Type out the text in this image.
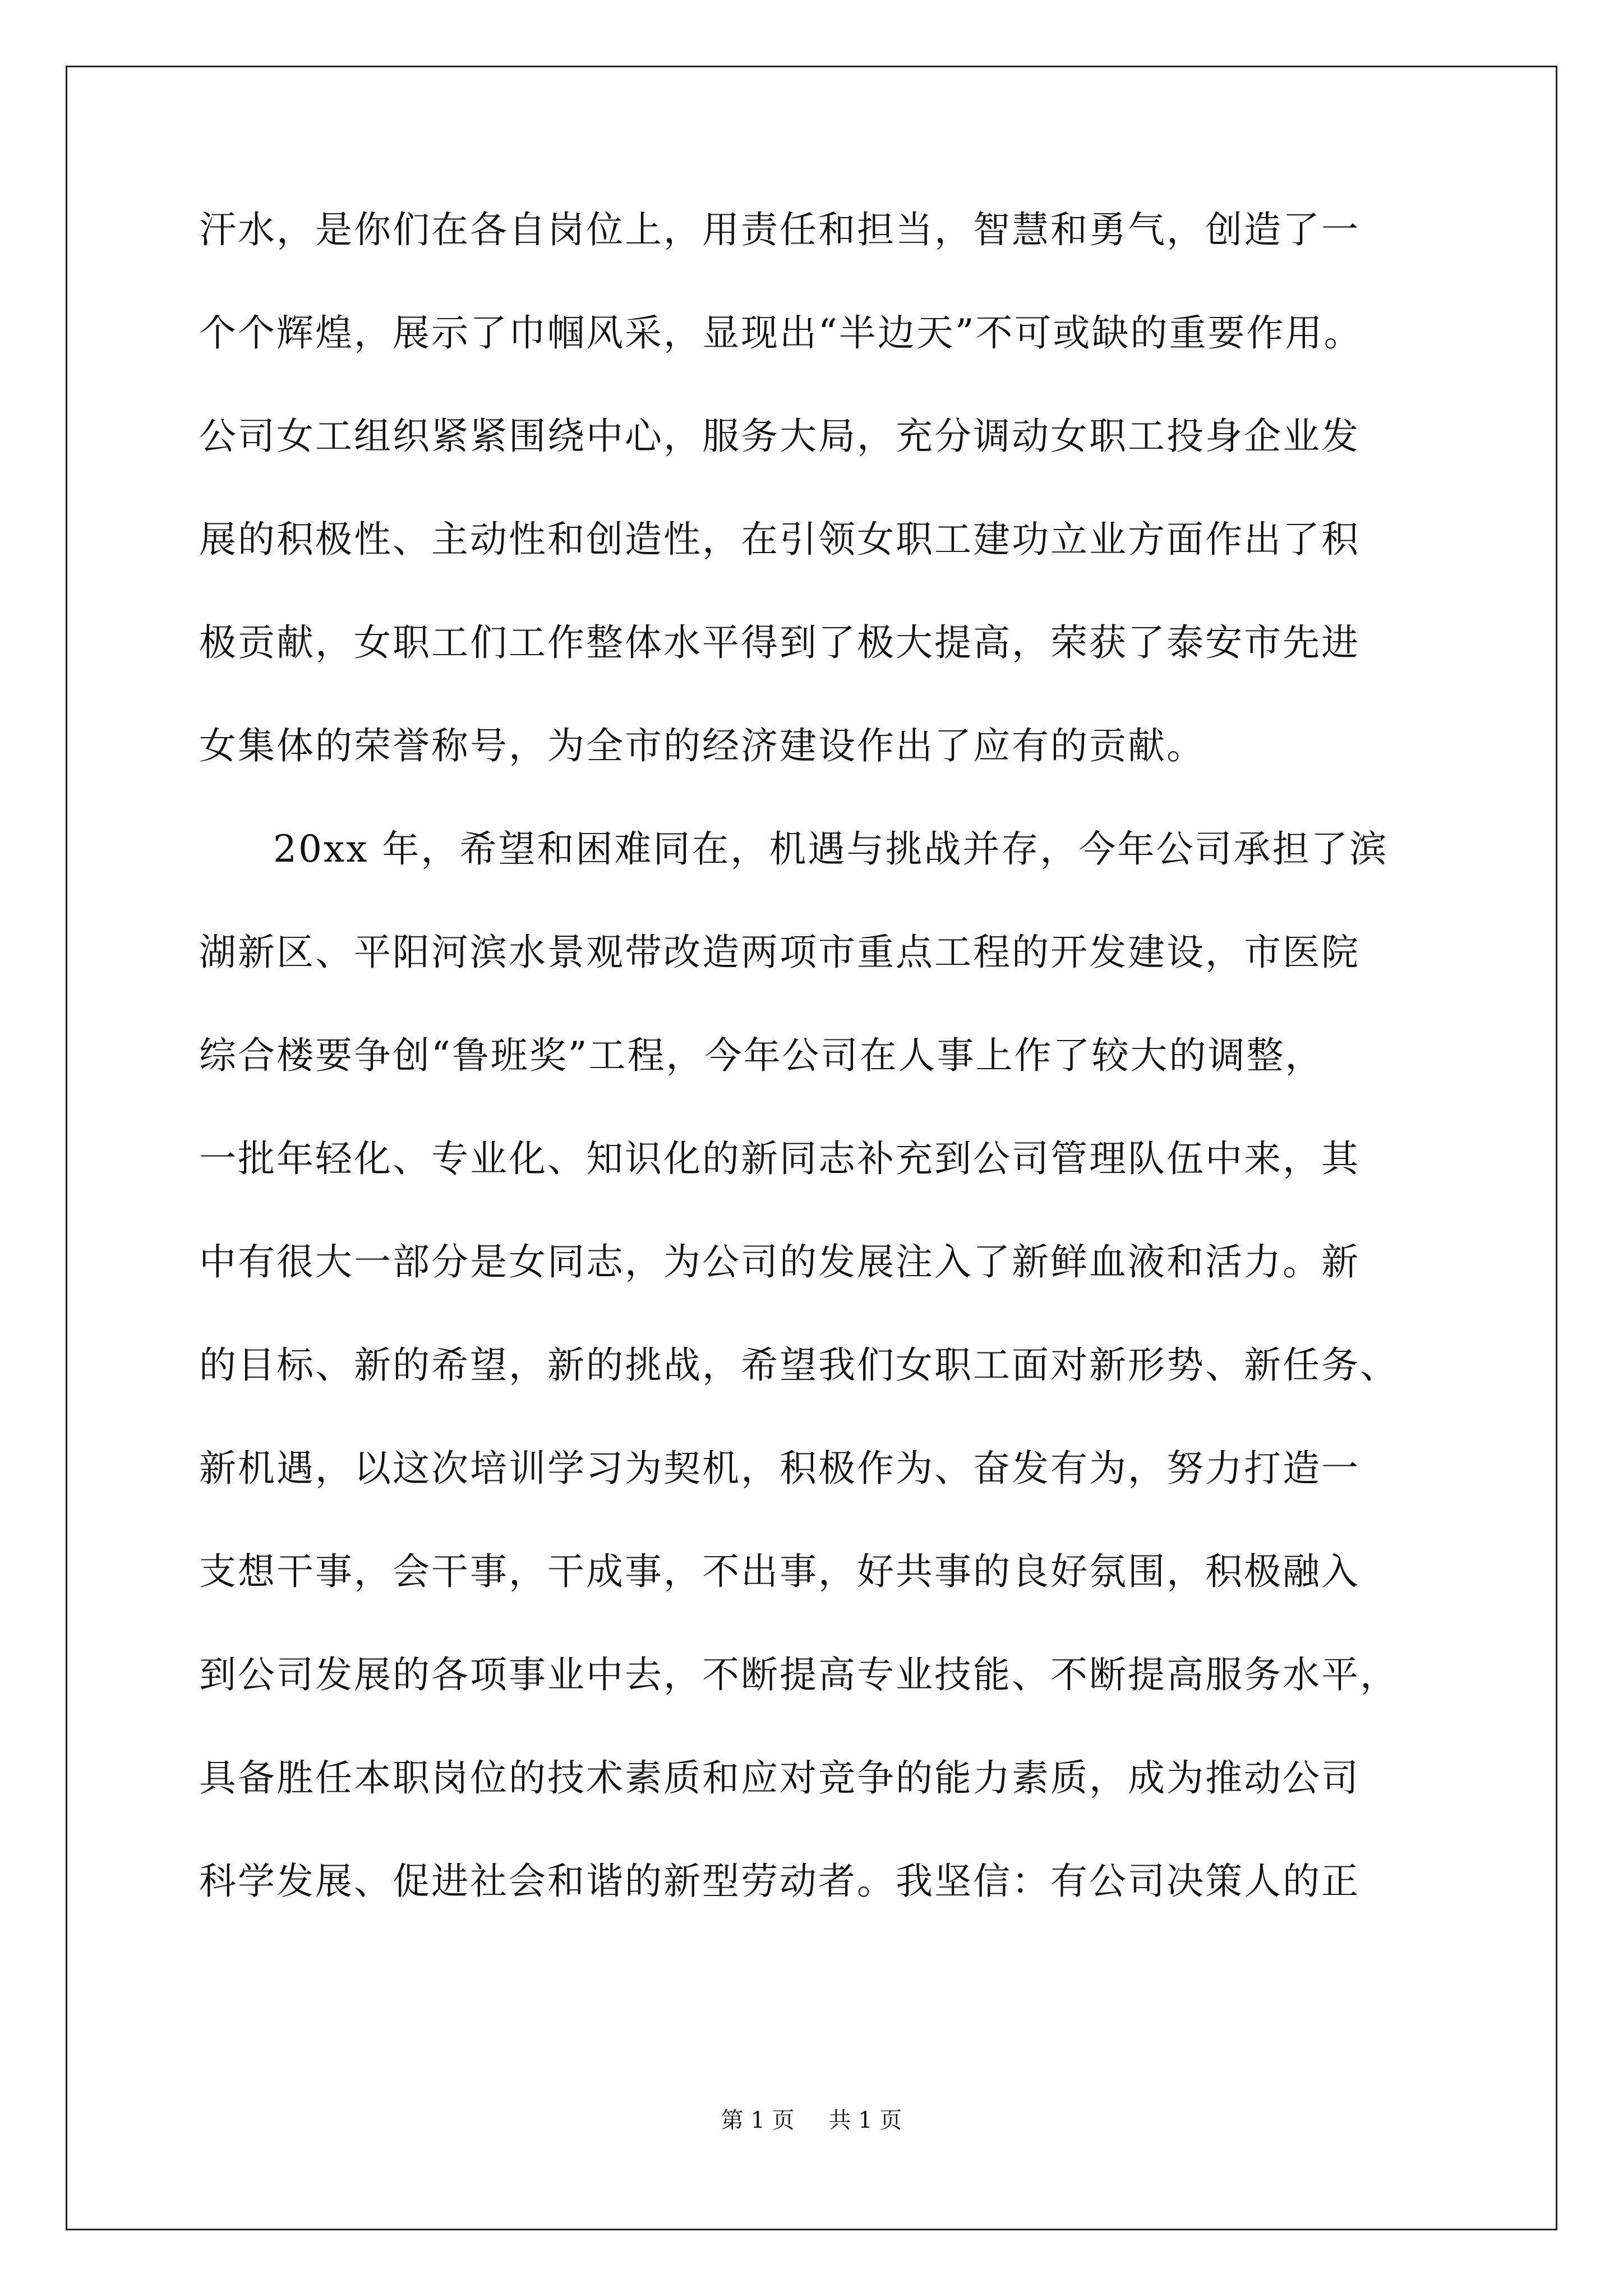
汗水，是你们在各自岗位上，用责任和担当，智慧和勇气，创造了一
个个辉煌，展示了巾帼风采，显现出“半边天”不可或缺的重要作用。
公司女工组织紧紧围绕中心，服务大局，充分调动女职工投身企业发
展的积极性、主动性和创造性，在引领女职工建功立业方面作出了积
极贡献，女职工们工作整体水平得到了极大提高，荣获了泰安市先进
女集体的荣誉称号，为全市的经济建设作出了应有的贡献。
20xx 年，希望和困难同在，机遇与挑战并存，今年公司承担了滨
湖新区、平阳河滨水景观带改造两项市重点工程的开发建设，市医院
综合楼要争创“鲁班奖”工程，今年公司在人事上作了较大的调整，
一批年轻化、专业化、知识化的新同志补充到公司管理队伍中来，其
中有很大一部分是女同志，为公司的发展注入了新鲜血液和活力。新
的目标、新的希望，新的挑战，希望我们女职工面对新形势、新任务、
新机遇，以这次培训学习为契机，积极作为、奋发有为，努力打造一
支想干事，会干事，干成事，不出事，好共事的良好氛围，积极融入
到公司发展的各项事业中去，不断提高专业技能、不断提高服务水平，
具备胜任本职岗位的技术素质和应对竞争的能力素质，成为推动公司
科学发展、促进社会和谐的新型劳动者。我坚信：有公司决策人的正
第 1 页 共 1 页
